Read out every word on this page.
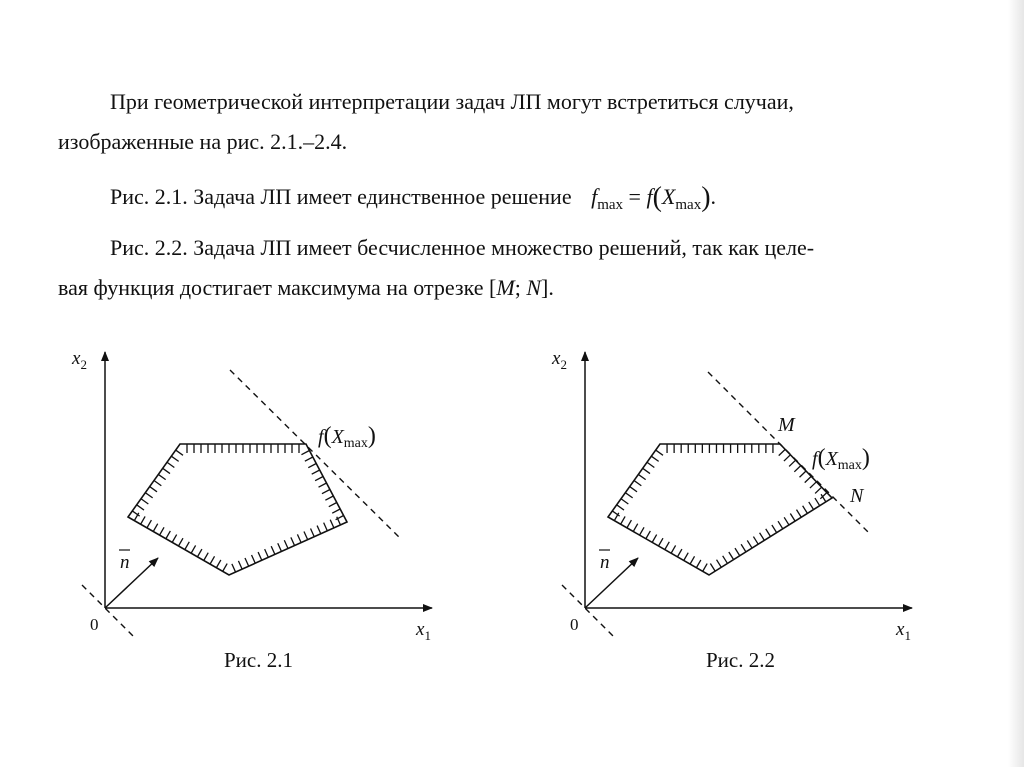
При геометрической интерпретации задач ЛП могут встретиться случаи,
изображенные на рис. 2.1.–2.4.
Рис. 2.1. Задача ЛП имеет единственное решение $f_{max} = f(X_{max})$.
Рис. 2.2. Задача ЛП имеет бесчисленное множество решений, так как целе-
вая функция достигает максимума на отрезке [M; N].
$x_2$
$x_1$
0
n
$f(X_{max})$
$x_2$
$x_1$
0
n
M
N
$f(X_{max})$
Рис. 2.1	Рис. 2.2
